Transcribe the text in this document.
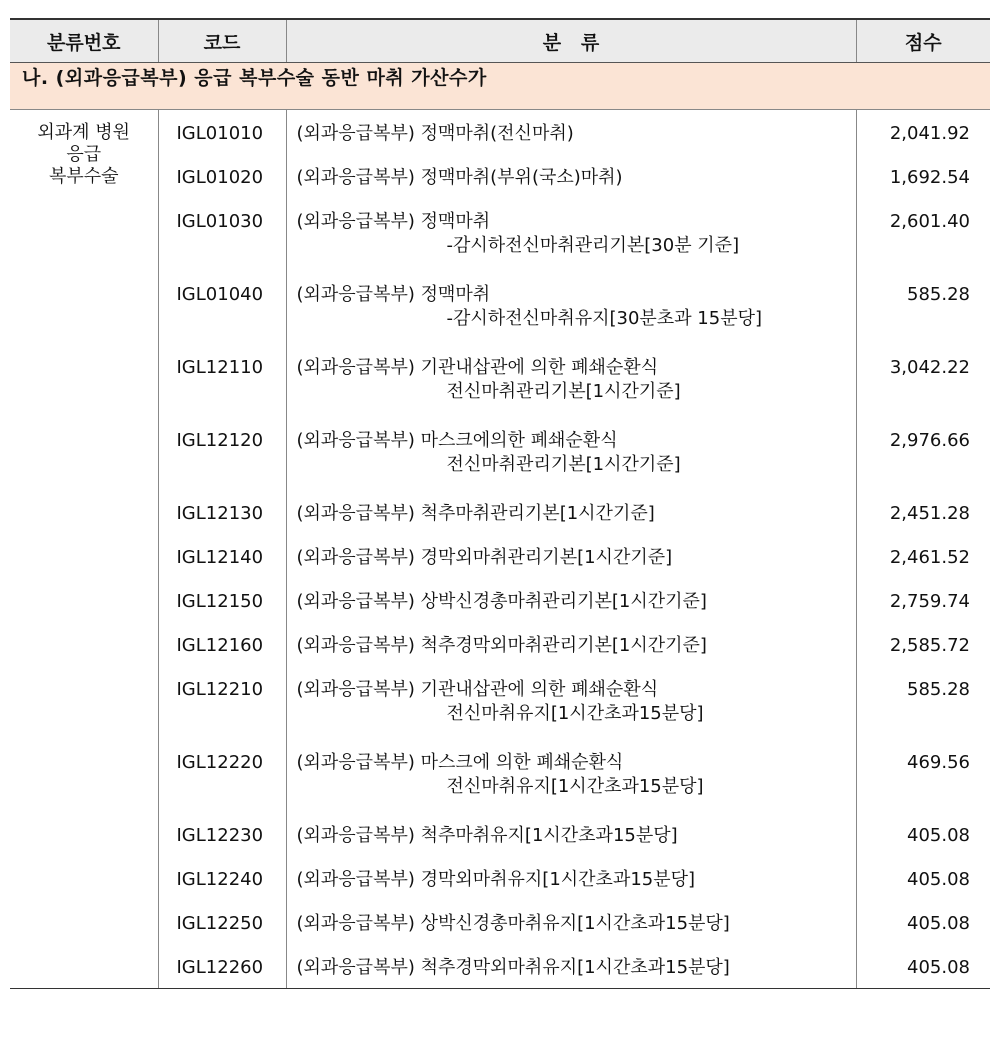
분류번호	코드	분   류	점수
나. (외과응급복부) 응급 복부수술 동반 마취 가산수가			

외과계 병원
응급
복부수술	IGL01010	(외과응급복부) 정맥마취(전신마취)	2,041.92

	IGL01020	(외과응급복부) 정맥마취(부위(국소)마취)	1,692.54

	IGL01030	(외과응급복부) 정맥마취
-감시하전신마취관리기본[30분 기준]	2,601.40

	IGL01040	(외과응급복부) 정맥마취
-감시하전신마취유지[30분초과 15분당]	585.28

	IGL12110	(외과응급복부) 기관내삽관에 의한 폐쇄순환식
전신마취관리기본[1시간기준]	3,042.22

	IGL12120	(외과응급복부) 마스크에의한 폐쇄순환식
전신마취관리기본[1시간기준]	2,976.66

	IGL12130	(외과응급복부) 척추마취관리기본[1시간기준]	2,451.28

	IGL12140	(외과응급복부) 경막외마취관리기본[1시간기준]	2,461.52

	IGL12150	(외과응급복부) 상박신경총마취관리기본[1시간기준]	2,759.74

	IGL12160	(외과응급복부) 척추경막외마취관리기본[1시간기준]	2,585.72

	IGL12210	(외과응급복부) 기관내삽관에 의한 폐쇄순환식
전신마취유지[1시간초과15분당]	585.28

	IGL12220	(외과응급복부) 마스크에 의한 폐쇄순환식
전신마취유지[1시간초과15분당]	469.56

	IGL12230	(외과응급복부) 척추마취유지[1시간초과15분당]	405.08

	IGL12240	(외과응급복부) 경막외마취유지[1시간초과15분당]	405.08

	IGL12250	(외과응급복부) 상박신경총마취유지[1시간초과15분당]	405.08

	IGL12260	(외과응급복부) 척추경막외마취유지[1시간초과15분당]	405.08
